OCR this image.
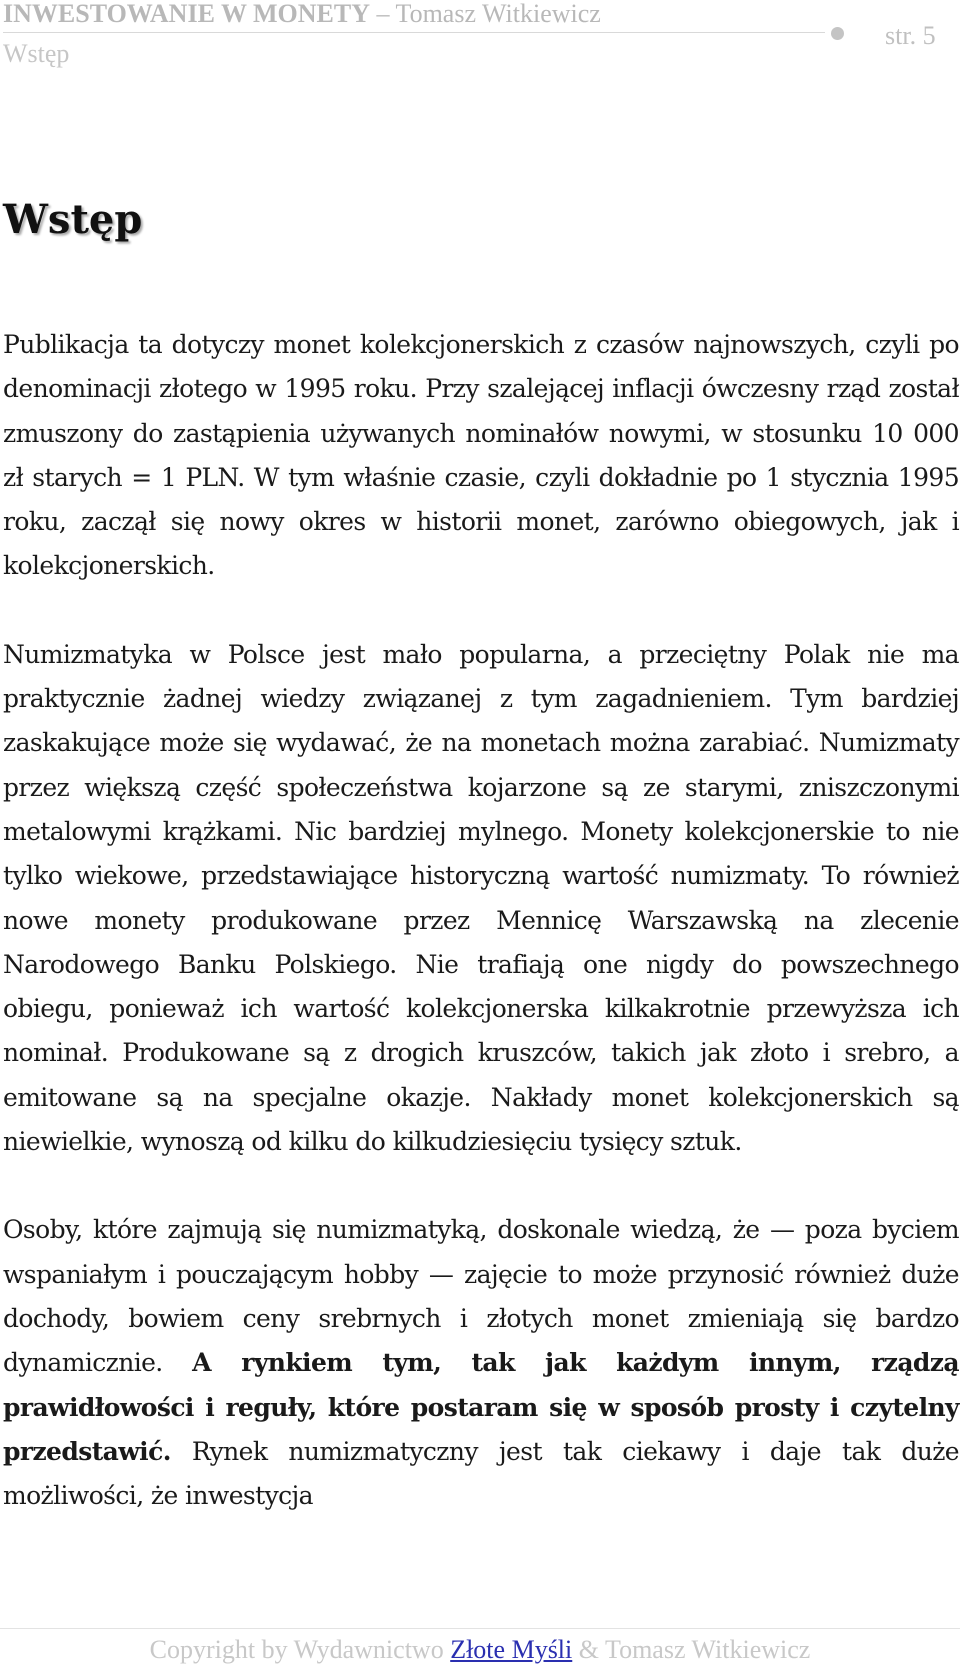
INWESTOWANIE W MONETY – Tomasz Witkiewicz
Wstęp
str. 5
Wstęp

Publikacja ta dotyczy monet kolekcjonerskich z czasów najnowszych, czyli po denominacji złotego w 1995 roku. Przy szalejącej inflacji ówczesny rząd został zmuszony do zastąpienia używanych nominałów nowymi, w stosunku 10 000 zł starych = 1 PLN. W tym właśnie czasie, czyli dokładnie po 1 stycznia 1995 roku, zaczął się nowy okres w historii monet, zarówno obiegowych, jak i kolekcjonerskich.

Numizmatyka w Polsce jest mało popularna, a przeciętny Polak nie ma praktycznie żadnej wiedzy związanej z tym zagadnieniem. Tym bardziej zaskakujące może się wydawać, że na monetach można zarabiać. Numizmaty przez większą część społeczeństwa kojarzone są ze starymi, zniszczonymi metalowymi krążkami. Nic bardziej mylnego. Monety kolekcjonerskie to nie tylko wiekowe, przedstawiające historyczną wartość numizmaty. To również nowe monety produkowane przez Mennicę Warszawską na zlecenie Narodowego Banku Polskiego. Nie trafiają one nigdy do powszechnego obiegu, ponieważ ich wartość kolekcjonerska kilkakrotnie przewyższa ich nominał. Produkowane są z drogich kruszców, takich jak złoto i srebro, a emitowane są na specjalne okazje. Nakłady monet kolekcjonerskich są niewielkie, wynoszą od kilku do kilkudziesięciu tysięcy sztuk.

Osoby, które zajmują się numizmatyką, doskonale wiedzą, że — poza byciem wspaniałym i pouczającym hobby — zajęcie to może przynosić również duże dochody, bowiem ceny srebrnych i złotych monet zmieniają się bardzo dynamicznie. A rynkiem tym, tak jak każdym innym, rządzą prawidłowości i reguły, które postaram się w sposób prosty i czytelny przedstawić. Rynek numizmatyczny jest tak ciekawy i daje tak duże możliwości, że inwestycja

Copyright by Wydawnictwo Złote Myśli & Tomasz Witkiewicz
